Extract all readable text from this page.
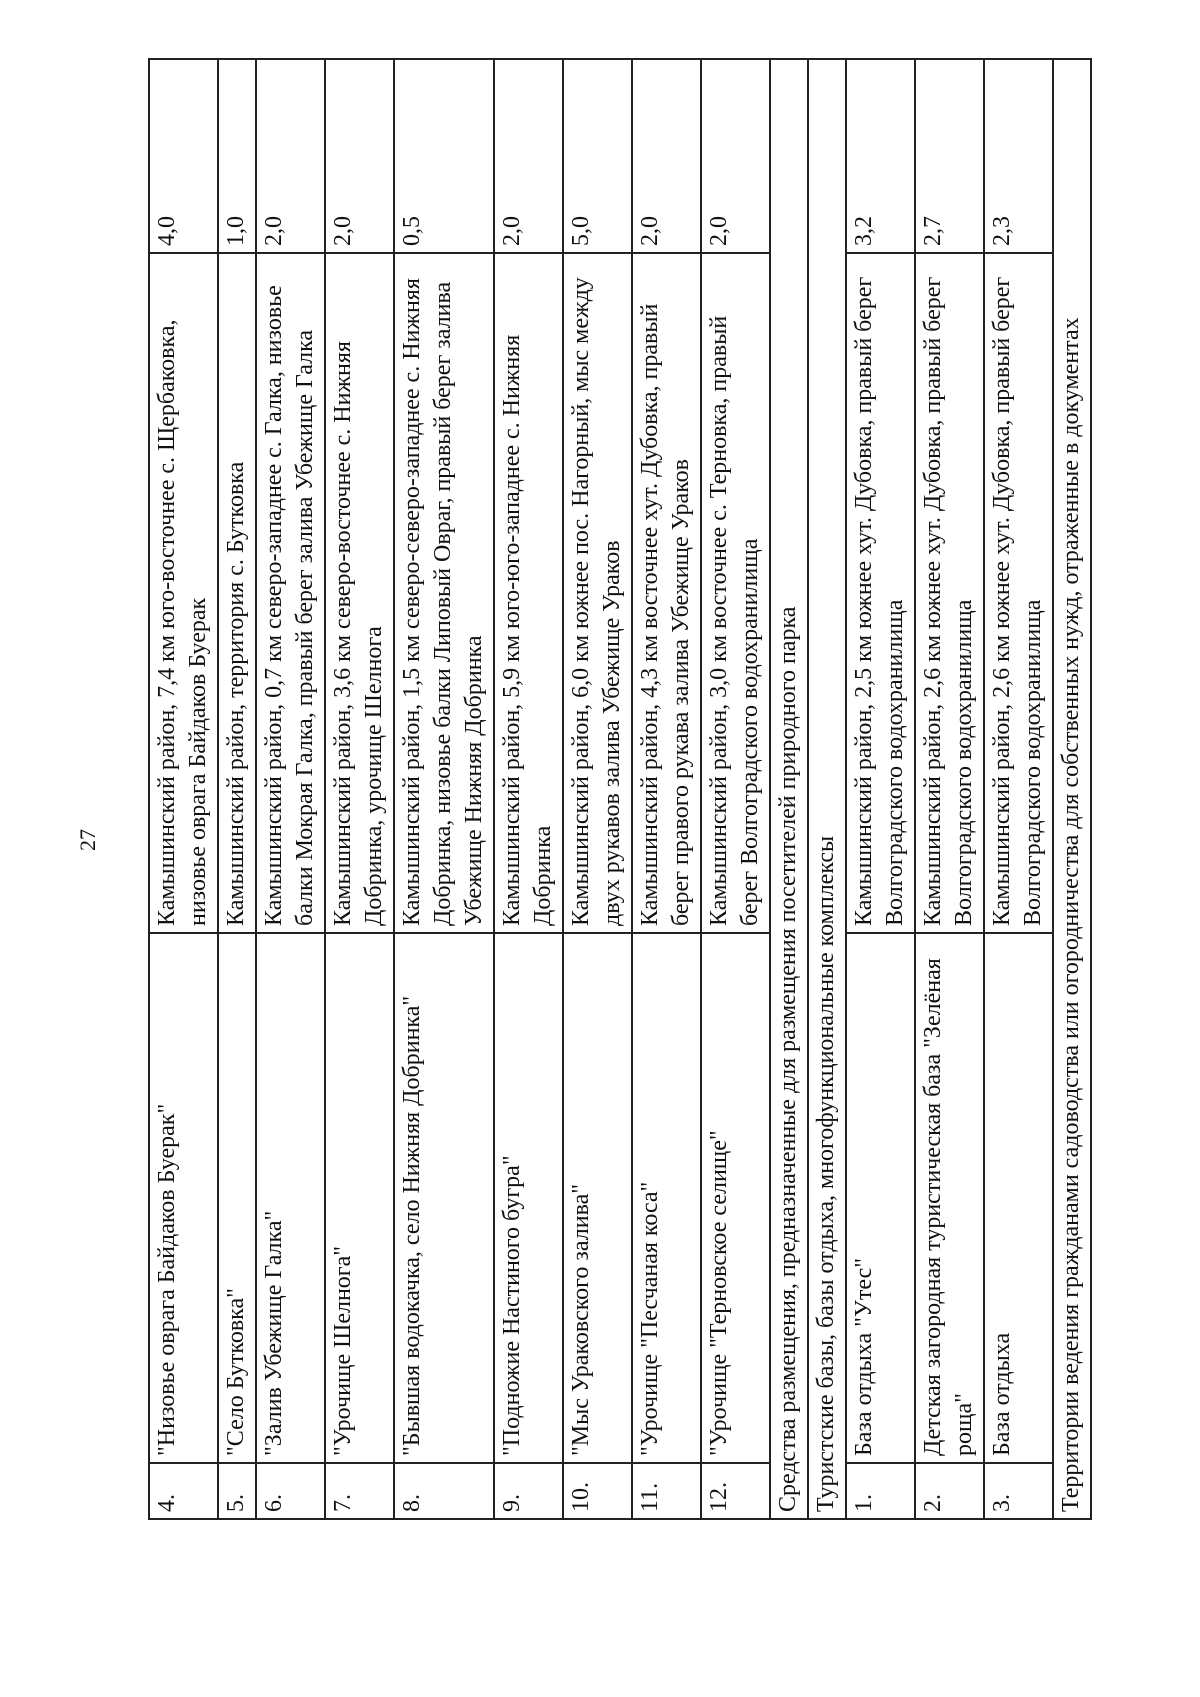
27
4.	"Низовье оврага Байдаков Буерак"	Камышинский район, 7,4 км юго-восточнее с. Щербаковка, низовье оврага Байдаков Буерак	4,0
5.	"Село Бутковка"	Камышинский район, территория с. Бутковка	1,0
6.	"Залив Убежище Галка"	Камышинский район, 0,7 км северо-западнее с. Галка, низовье балки Мокрая Галка, правый берег залива Убежище Галка	2,0
7.	"Урочище Шелнога"	Камышинский район, 3,6 км северо-восточнее с. Нижняя Добринка, урочище Шелнога	2,0
8.	"Бывшая водокачка, село Нижняя Добринка"	Камышинский район, 1,5 км северо-северо-западнее с. Нижняя Добринка, низовье балки Липовый Овраг, правый берег залива Убежище Нижняя Добринка	0,5
9.	"Подножие Настиного бугра"	Камышинский район, 5,9 км юго-юго-западнее с. Нижняя Добринка	2,0
10.	"Мыс Ураковского залива"	Камышинский район, 6,0 км южнее пос. Нагорный, мыс между двух рукавов залива Убежище Ураков	5,0
11.	"Урочище "Песчаная коса"	Камышинский район, 4,3 км восточнее хут. Дубовка, правый берег правого рукава залива Убежище Ураков	2,0
12.	"Урочище "Терновское селище"	Камышинский район, 3,0 км восточнее с. Терновка, правый берег Волгоградского водохранилища	2,0
Средства размещения, предназначенные для размещения посетителей природного парка			
Туристские базы, базы отдыха, многофункциональные комплексы			
1.	База отдыха "Утес"	Камышинский район, 2,5 км южнее хут. Дубовка, правый берег Волгоградского водохранилища	3,2
2.	Детская загородная туристическая база "Зелёная роща"	Камышинский район, 2,6 км южнее хут. Дубовка, правый берег Волгоградского водохранилища	2,7
3.	База отдыха	Камышинский район, 2,6 км южнее хут. Дубовка, правый берег Волгоградского водохранилища	2,3
Территории ведения гражданами садоводства или огородничества для собственных нужд, отраженные в документах			
